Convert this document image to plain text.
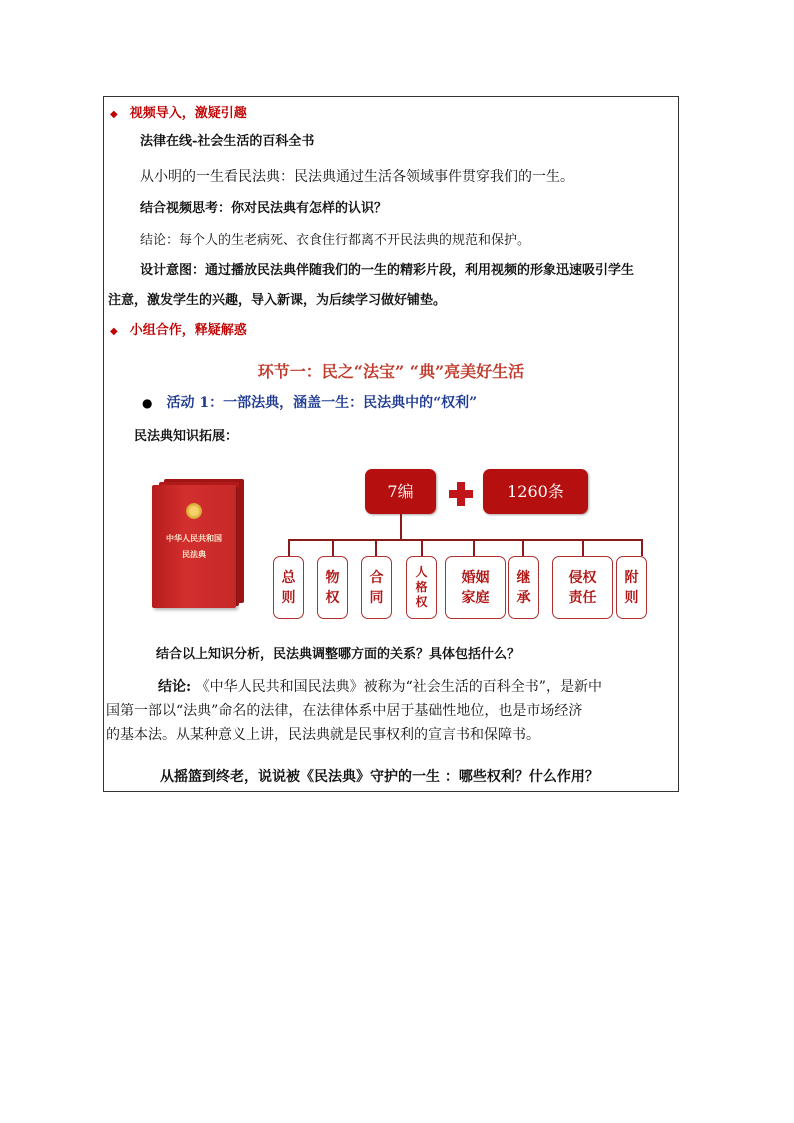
◆ 视频导入，激疑引趣
法律在线-社会生活的百科全书
从小明的一生看民法典：民法典通过生活各领域事件贯穿我们的一生。
结合视频思考：你对民法典有怎样的认识？
结论：每个人的生老病死、衣食住行都离不开民法典的规范和保护。
设计意图：通过播放民法典伴随我们的一生的精彩片段，利用视频的形象迅速吸引学生
注意，激发学生的兴趣，导入新课，为后续学习做好铺垫。
◆ 小组合作，释疑解惑
环节一：民之“法宝” “典”亮美好生活
● 活动 1：一部法典，涵盖一生：民法典中的“权利”
民法典知识拓展：
中华人民共和国
民法典
7编	1260条
总则
物权
合同
人格权
婚姻家庭
继承
侵权责任
附则
结合以上知识分析，民法典调整哪方面的关系？具体包括什么？
结论: 《中华人民共和国民法典》被称为“社会生活的百科全书”，是新中
国第一部以“法典”命名的法律，在法律体系中居于基础性地位，也是市场经济
的基本法。从某种意义上讲，民法典就是民事权利的宣言书和保障书。
从摇篮到终老，说说被《民法典》守护的一生 ：哪些权利？什么作用？
